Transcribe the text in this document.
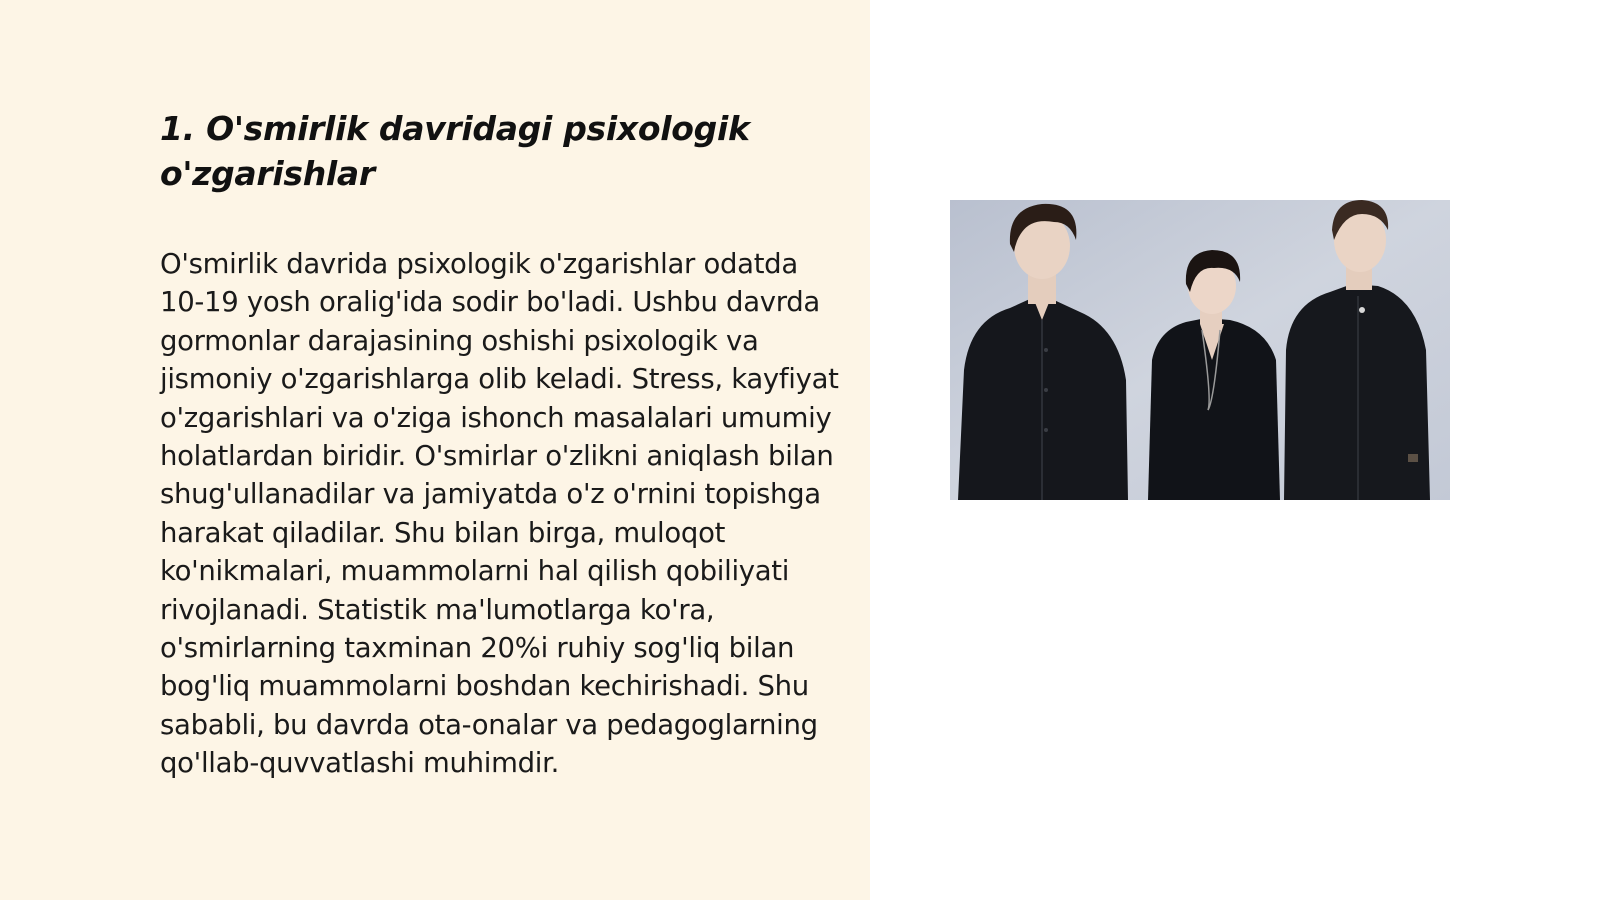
1. O'smirlik davridagi psixologik o'zgarishlar

O'smirlik davrida psixologik o'zgarishlar odatda 10-19 yosh oralig'ida sodir bo'ladi. Ushbu davrda gormonlar darajasining oshishi psixologik va jismoniy o'zgarishlarga olib keladi. Stress, kayfiyat o'zgarishlari va o'ziga ishonch masalalari umumiy holatlardan biridir. O'smirlar o'zlikni aniqlash bilan shug'ullanadilar va jamiyatda o'z o'rnini topishga harakat qiladilar. Shu bilan birga, muloqot ko'nikmalari, muammolarni hal qilish qobiliyati rivojlanadi. Statistik ma'lumotlarga ko'ra, o'smirlarning taxminan 20%i ruhiy sog'liq bilan bog'liq muammolarni boshdan kechirishadi. Shu sababli, bu davrda ota-onalar va pedagoglarning qo'llab-quvvatlashi muhimdir.
